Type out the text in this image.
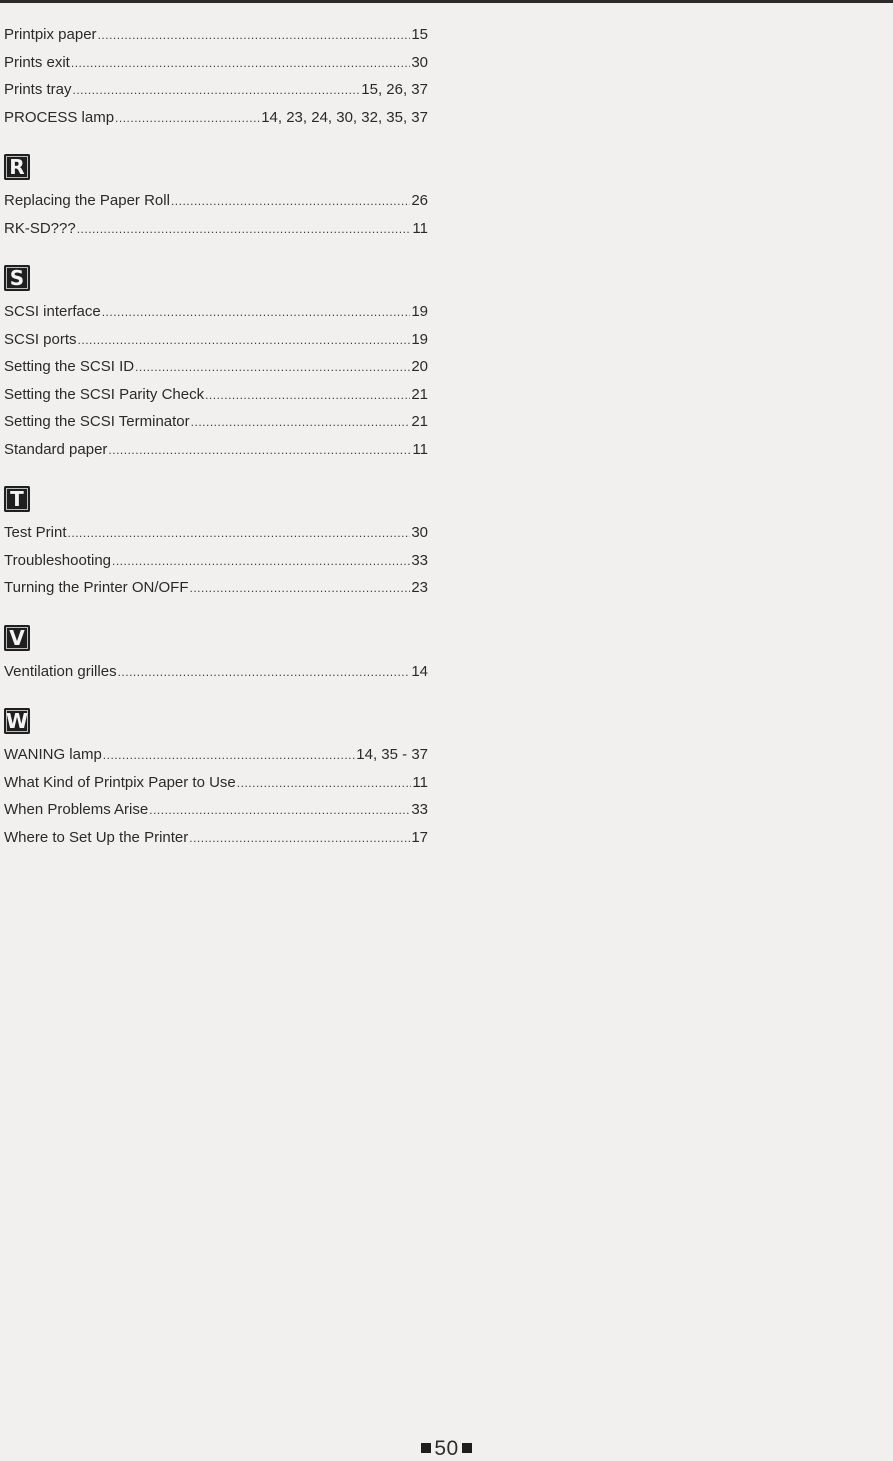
Printpix paper .....	15
Prints exit .....	30
Prints tray .....	15, 26, 37
PROCESS lamp .....	14, 23, 24, 30, 32, 35, 37
R
Replacing the Paper Roll .....	26
RK-SD??? .....	11
S
SCSI interface .....	19
SCSI ports .....	19
Setting the SCSI ID .....	20
Setting the SCSI Parity Check .....	21
Setting the SCSI Terminator .....	21
Standard paper .....	11
T
Test Print .....	30
Troubleshooting .....	33
Turning the Printer ON/OFF .....	23
V
Ventilation grilles .....	14
W
WANING lamp .....	14, 35 - 37
What Kind of Printpix Paper to Use .....	11
When Problems Arise .....	33
Where to Set Up the Printer .....	17
50
